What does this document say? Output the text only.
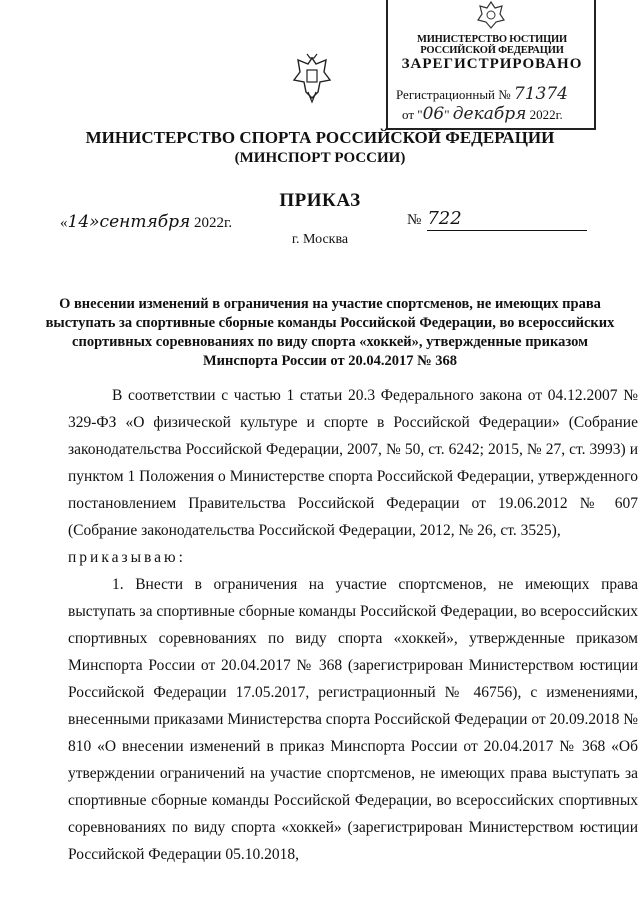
МИНИСТЕРСТВО ЮСТИЦИИ РОССИЙСКОЙ ФЕДЕРАЦИИ
ЗАРЕГИСТРИРОВАНО
Регистрационный № 71374
от "06" декабря 2022г.
МИНИСТЕРСТВО СПОРТА РОССИЙСКОЙ ФЕДЕРАЦИИ
(МИНСПОРТ РОССИИ)
ПРИКАЗ
«14»сентября 2022г.	№ 722
г. Москва
О внесении изменений в ограничения на участие спортсменов, не имеющих права выступать за спортивные сборные команды Российской Федерации, во всероссийских спортивных соревнованиях по виду спорта «хоккей», утвержденные приказом Минспорта России от 20.04.2017 № 368

В соответствии с частью 1 статьи 20.3 Федерального закона от 04.12.2007 № 329-ФЗ «О физической культуре и спорте в Российской Федерации» (Собрание законодательства Российской Федерации, 2007, № 50, ст. 6242; 2015, № 27, ст. 3993) и пунктом 1 Положения о Министерстве спорта Российской Федерации, утвержденного постановлением Правительства Российской Федерации от 19.06.2012 № 607 (Собрание законодательства Российской Федерации, 2012, № 26, ст. 3525),

приказываю:

1. Внести в ограничения на участие спортсменов, не имеющих права выступать за спортивные сборные команды Российской Федерации, во всероссийских спортивных соревнованиях по виду спорта «хоккей», утвержденные приказом Минспорта России от 20.04.2017 № 368 (зарегистрирован Министерством юстиции Российской Федерации 17.05.2017, регистрационный № 46756), с изменениями, внесенными приказами Министерства спорта Российской Федерации от 20.09.2018 № 810 «О внесении изменений в приказ Минспорта России от 20.04.2017 № 368 «Об утверждении ограничений на участие спортсменов, не имеющих права выступать за спортивные сборные команды Российской Федерации, во всероссийских спортивных соревнованиях по виду спорта «хоккей» (зарегистрирован Министерством юстиции Российской Федерации 05.10.2018,
